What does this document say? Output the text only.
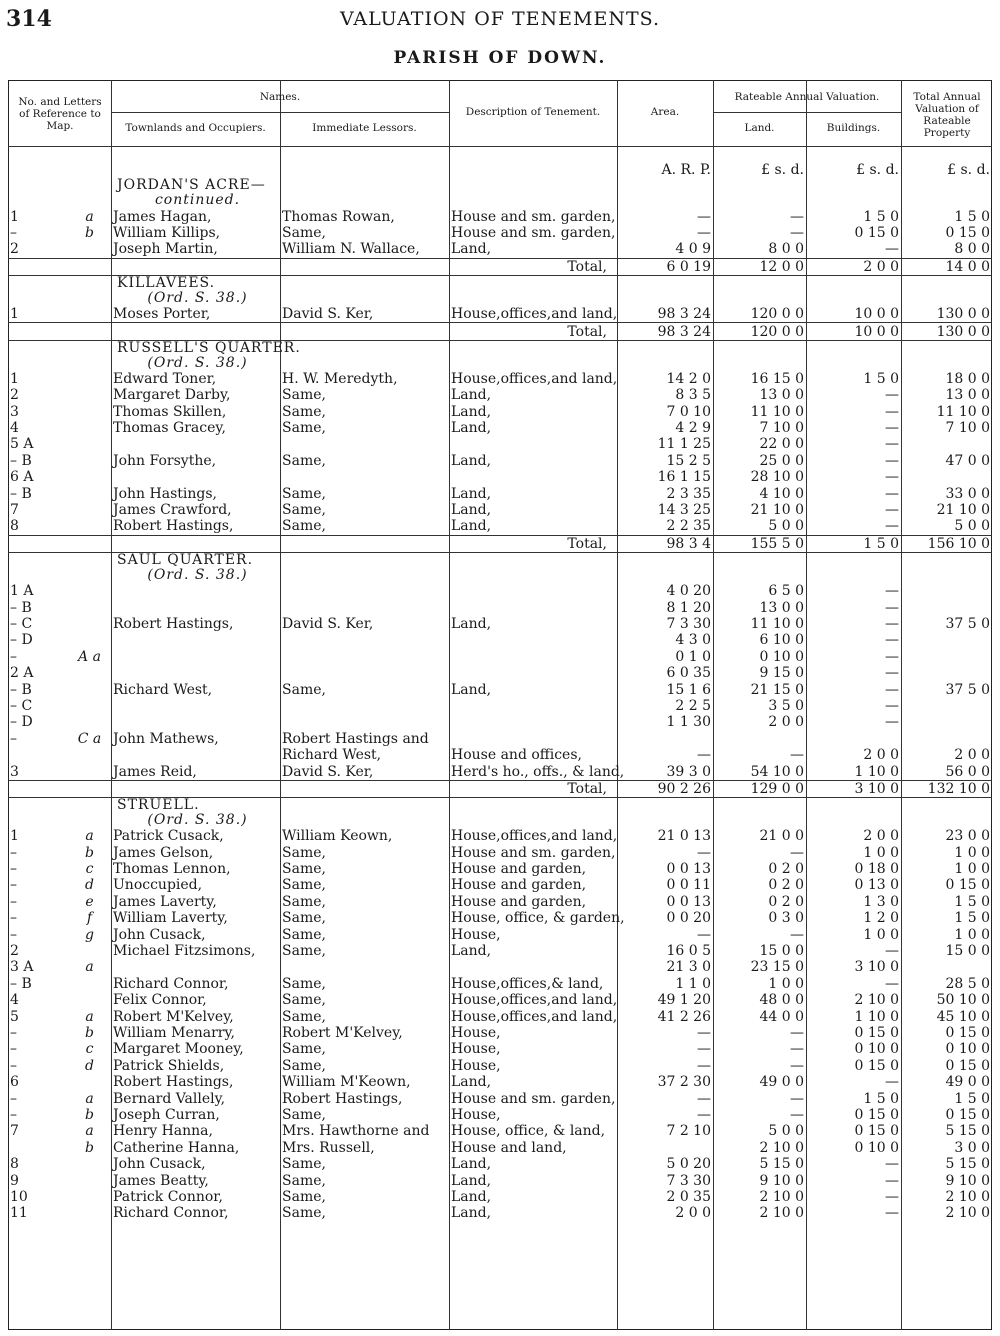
314	VALUATION OF TENEMENTS.
PARISH OF DOWN.
No. and Letters of Reference to Map.
Names.
Townlands and Occupiers.	Immediate Lessors.
Description of Tenement.	Area.
Rateable Annual Valuation.
Land.	Buildings.
Total Annual Valuation of Rateable Property
					A. R. P.	£ s. d.	£ s. d.	£ s. d.

		JORDAN'S ACRE—
continued.						

1	a	James Hagan,	Thomas Rowan,	House and sm. garden,	—	—	1 5 0	1 5 0
–	b	William Killips,	Same,	House and sm. garden,	—	—	0 15 0	0 15 0
2		Joseph Martin,	William N. Wallace,	Land,	4 0 9	8 0 0	—	8 0 0
				Total,	6 0 19	12 0 0	2 0 0	14 0 0

		KILLAVEES.
(Ord. S. 38.)						

1		Moses Porter,	David S. Ker,	House,offices,and land,	98 3 24	120 0 0	10 0 0	130 0 0
				Total,	98 3 24	120 0 0	10 0 0	130 0 0

		RUSSELL'S QUARTER.
(Ord. S. 38.)						

1		Edward Toner,	H. W. Meredyth,	House,offices,and land,	14 2 0	16 15 0	1 5 0	18 0 0
2		Margaret Darby,	Same,	Land,	8 3 5	13 0 0	—	13 0 0
3		Thomas Skillen,	Same,	Land,	7 0 10	11 10 0	—	11 10 0
4		Thomas Gracey,	Same,	Land,	4 2 9	7 10 0	—	7 10 0
5 A					11 1 25	22 0 0	—	
– B		John Forsythe,	Same,	Land,	15 2 5	25 0 0	—	47 0 0
6 A					16 1 15	28 10 0	—	
– B		John Hastings,	Same,	Land,	2 3 35	4 10 0	—	33 0 0
7		James Crawford,	Same,	Land,	14 3 25	21 10 0	—	21 10 0
8		Robert Hastings,	Same,	Land,	2 2 35	5 0 0	—	5 0 0
				Total,	98 3 4	155 5 0	1 5 0	156 10 0

		SAUL QUARTER.
(Ord. S. 38.)						

1 A					4 0 20	6 5 0	—	
– B					8 1 20	13 0 0	—	
– C		Robert Hastings,	David S. Ker,	Land,	7 3 30	11 10 0	—	37 5 0
– D					4 3 0	6 10 0	—	
–	A a				0 1 0	0 10 0	—	
2 A					6 0 35	9 15 0	—	
– B		Richard West,	Same,	Land,	15 1 6	21 15 0	—	37 5 0
– C					2 2 5	3 5 0	—	
– D					1 1 30	2 0 0	—	
–	C a	John Mathews,	Robert Hastings and					
			Richard West,	House and offices,	—	—	2 0 0	2 0 0
3		James Reid,	David S. Ker,	Herd's ho., offs., & land,	39 3 0	54 10 0	1 10 0	56 0 0
				Total,	90 2 26	129 0 0	3 10 0	132 10 0

		STRUELL.
(Ord. S. 38.)						

1	a	Patrick Cusack,	William Keown,	House,offices,and land,	21 0 13	21 0 0	2 0 0	23 0 0
–	b	James Gelson,	Same,	House and sm. garden,	—	—	1 0 0	1 0 0
–	c	Thomas Lennon,	Same,	House and garden,	0 0 13	0 2 0	0 18 0	1 0 0
–	d	Unoccupied,	Same,	House and garden,	0 0 11	0 2 0	0 13 0	0 15 0
–	e	James Laverty,	Same,	House and garden,	0 0 13	0 2 0	1 3 0	1 5 0
–	f	William Laverty,	Same,	House, office, & garden,	0 0 20	0 3 0	1 2 0	1 5 0
–	g	John Cusack,	Same,	House,	—	—	1 0 0	1 0 0
2		Michael Fitzsimons,	Same,	Land,	16 0 5	15 0 0	—	15 0 0
3 A	a				21 3 0	23 15 0	3 10 0	
– B		Richard Connor,	Same,	House,offices,& land,	1 1 0	1 0 0	—	28 5 0
4		Felix Connor,	Same,	House,offices,and land,	49 1 20	48 0 0	2 10 0	50 10 0
5	a	Robert M'Kelvey,	Same,	House,offices,and land,	41 2 26	44 0 0	1 10 0	45 10 0
–	b	William Menarry,	Robert M'Kelvey,	House,	—	—	0 15 0	0 15 0
–	c	Margaret Mooney,	Same,	House,	—	—	0 10 0	0 10 0
–	d	Patrick Shields,	Same,	House,	—	—	0 15 0	0 15 0
6		Robert Hastings,	William M'Keown,	Land,	37 2 30	49 0 0	—	49 0 0
–	a	Bernard Vallely,	Robert Hastings,	House and sm. garden,	—	—	1 5 0	1 5 0
–	b	Joseph Curran,	Same,	House,	—	—	0 15 0	0 15 0
7	a	Henry Hanna,	Mrs. Hawthorne and	House, office, & land,	7 2 10	5 0 0	0 15 0	5 15 0
	b	Catherine Hanna,	Mrs. Russell,	House and land,		2 10 0	0 10 0	3 0 0
8		John Cusack,	Same,	Land,	5 0 20	5 15 0	—	5 15 0
9		James Beatty,	Same,	Land,	7 3 30	9 10 0	—	9 10 0
10		Patrick Connor,	Same,	Land,	2 0 35	2 10 0	—	2 10 0
11		Richard Connor,	Same,	Land,	2 0 0	2 10 0	—	2 10 0
